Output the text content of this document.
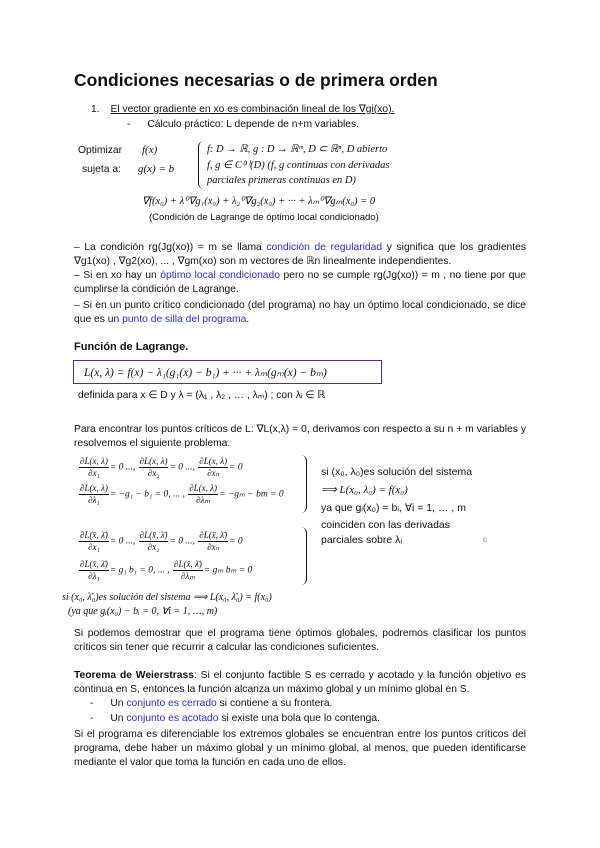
Condiciones necesarias o de primera orden
1. El vector gradiente en xo es combinación lineal de los ∇gi(xo).
- Cálculo práctico: L depende de n+m variables.
Optimizar
sujeta a:
f(x)
g(x) = b
f: D → ℝ, g : D → ℝᵐ, D ⊂ ℝⁿ, D abierto
f, g ∈ C⁽¹⁾(D) (f, g continuas con derivadas
parciales primeras continuas en D)
∇f(x₀) + λ⁰∇g₁(x₀) + λ₂⁰∇g₂(x₀) + ··· + λₘ⁰∇gₘ(x₀) = 0
(Condición de Lagrange de óptimo local condicionado)
– La condición rg(Jg(xo)) = m se llama condición de regularidad y significa que los gradientes ∇g1(xo) , ∇g2(xo), ... , ∇gm(xo) son m vectores de ℝn linealmente independientes.
– Si en xo hay un óptimo local condicionado pero no se cumple rg(Jg(xo)) = m , no tiene por que cumplirse la condición de Lagrange.
– Si en un punto crítico condicionado (del programa) no hay un óptimo local condicionado, se dice que es un punto de silla del programa.
Función de Lagrange.
L(x, λ) = f(x) − λ₁(g₁(x) − b₁) + ··· + λₘ(gₘ(x) − bₘ)
definida para x ∈ D y λ = (λ₁ , λ₂ , … , λₘ) ; con λᵢ ∈ ℝ
Para encontrar los puntos críticos de L: ∇L(x,λ) = 0, derivamos con respecto a su n + m variables y resolvemos el siguiente problema.
$\frac{\partial L(x, \lambda)}{\text{∂x₁}} = 0$ ..., $\frac{\partial L(x, \lambda)}{\text{∂x₂}} = 0$ ..., $\frac{\partial L(x, \lambda)}{\text{∂xₙ}} = 0$
$\frac{\partial L(x, \lambda)}{\text{∂λ₁}} = -g_1 - b_1 = 0$, ... , $\frac{\partial L(x, \lambda)}{\text{∂λₘ}} = -g_m$ − bm = 0
si (x₀, λ₀)es solución del sistema
⟹ L(x₀, λ₀) = f(x₀)
ya que gᵢ(x₀) = bᵢ, ∀i = 1, … , m
coinciden con las derivadas
parciales sobre λᵢ	c
$\frac{\partial L(x̄, \lambdā)}{\text{∂x₁}} = 0$ ..., $\frac{\partial L(x̄, \lambdā)}{\text{∂x₂}} = 0$ ..., $\frac{\partial L(x̄, \lambdā)}{\text{∂xₙ}} = 0$
$\frac{\partial L(x̄, \lambdā)}{\text{∂λ₁}} = g_1$ b₁ = 0, ... , $\frac{\partial L(x̄, \lambdā)}{\text{∂λₘ}} = g_m$ bₘ = 0
si (x₀, λ̄₀)es solución del sistema ⟹ L(x₀, λ̄₀) = f(x₀)
(ya que gᵢ(x₀) − bᵢ = 0, ∀i = 1, …, m)
Si podemos demostrar que el programa tiene óptimos globales, podremos clasificar los puntos críticos sin tener que recurrir a calcular las condiciones suficientes.
Teorema de Weierstrass: Si el conjunto factible S es cerrado y acotado y la función objetivo es continua en S, entonces la función alcanza un máximo global y un mínimo global en S.
- Un conjunto es cerrado si contiene a su frontera.
- Un conjunto es acotado si existe una bola que lo contenga.
Si el programa es diferenciable los extremos globales se encuentran entre los puntos críticos del programa, debe haber un máximo global y un mínimo global, al menos, que pueden identificarse mediante el valor que toma la función en cada uno de ellos.
